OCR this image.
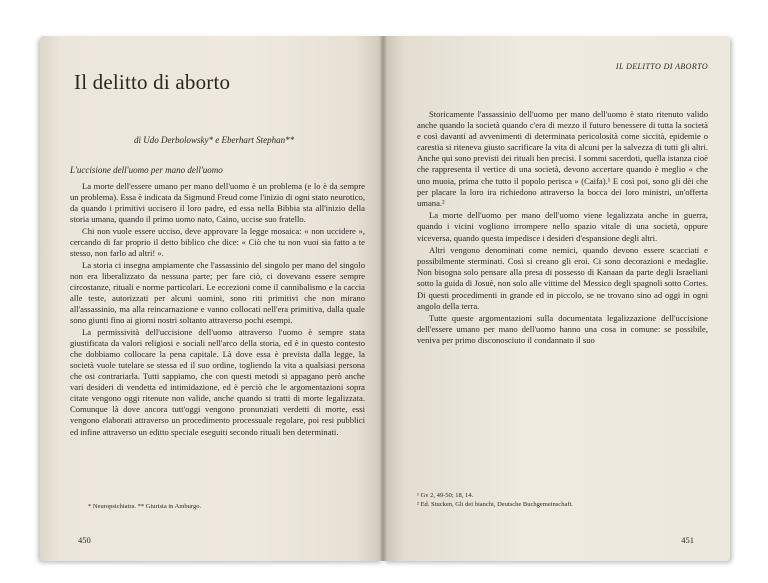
Il delitto di aborto
di Udo Derbolowsky* e Eberhart Stephan**
L'uccisione dell'uomo per mano dell'uomo

La morte dell'essere umano per mano dell'uomo è un problema (e lo è da sempre un problema). Essa è indicata da Sigmund Freud come l'inizio di ogni stato neurotico, da quando i primitivi uccisero il loro padre, ed essa nella Bibbia sta all'inizio della storia umana, quando il primo uomo nato, Caino, uccise suo fratello.

Chi non vuole essere ucciso, deve approvare la legge mosaica: « non uccidere », cercando di far proprio il detto biblico che dice: « Ciò che tu non vuoi sia fatto a te stesso, non farlo ad altri! ».

La storia ci insegna ampiamente che l'assassinio del singolo per mano del singolo non era liberalizzato da nessuna parte; per fare ciò, ci dovevano essere sempre circostanze, rituali e norme particolari. Le eccezioni come il cannibalismo e la caccia alle teste, autorizzati per alcuni uomini, sono riti primitivi che non mirano all'assassinio, ma alla reincarnazione e vanno collocati nell'era primitiva, dalla quale sono giunti fino ai giorni nostri soltanto attraverso pochi esempi.

La permissività dell'uccisione dell'uomo attraverso l'uomo è sempre stata giustificata da valori religiosi e sociali nell'arco della storia, ed è in questo contesto che dobbiamo collocare la pena capitale. Là dove essa è prevista dalla legge, la società vuole tutelare se stessa ed il suo ordine, togliendo la vita a qualsiasi persona che osi contrariarla. Tutti sappiamo, che con questi metodi si appagano però anche vari desideri di vendetta ed intimidazione, ed è perciò che le argomentazioni sopra citate vengono oggi ritenute non valide, anche quando si tratti di morte legalizzata. Comunque là dove ancora tutt'oggi vengono pronunziati verdetti di morte, essi vengono elaborati attraverso un procedimento processuale regolare, poi resi pubblici ed infine attraverso un editto speciale eseguiti secondo rituali ben determinati.

* Neuropsichiatra. ** Giurista in Amburgo.
450
IL DELITTO DI ABORTO

Storicamente l'assassinio dell'uomo per mano dell'uomo è stato ritenuto valido anche quando la società quando c'era di mezzo il futuro benessere di tutta la società e così davanti ad avvenimenti di determinata pericolosità come siccità, epidemie o carestia si riteneva giusto sacrificare la vita di alcuni per la salvezza di tutti gli altri. Anche qui sono previsti dei rituali ben precisi. I sommi sacerdoti, quella istanza cioè che rappresenta il vertice di una società, devono accertare quando è meglio « che uno muoia, prima che tutto il popolo perisca » (Caifa).¹ E così poi, sono gli dèi che per placare la loro ira richiedono attraverso la bocca dei loro ministri, un'offerta umana.²

La morte dell'uomo per mano dell'uomo viene legalizzata anche in guerra, quando i vicini vogliono irrompere nello spazio vitale di una società, oppure viceversa, quando questa impedisce i desideri d'espansione degli altri.

Altri vengono denominati come nemici, quando devono essere scacciati e possibilmente sterminati. Così si creano gli eroi. Ci sono decorazioni e medaglie. Non bisogna solo pensare alla presa di possesso di Kanaan da parte degli Israeliani sotto la guida di Josuè, non solo alle vittime del Messico degli spagnoli sotto Cortes. Di questi procedimenti in grande ed in piccolo, se ne trovano sino ad oggi in ogni angolo della terra.

Tutte queste argomentazioni sulla documentata legalizzazione dell'uccisione dell'essere umano per mano dell'uomo hanno una cosa in comune: se possibile, veniva per primo disconosciuto il condannato il suo

¹ Gv 2, 49-50; 18, 14.
² Ed. Stucken, Gli dei bianchi, Deutsche Buchgemeinschaft.
451
